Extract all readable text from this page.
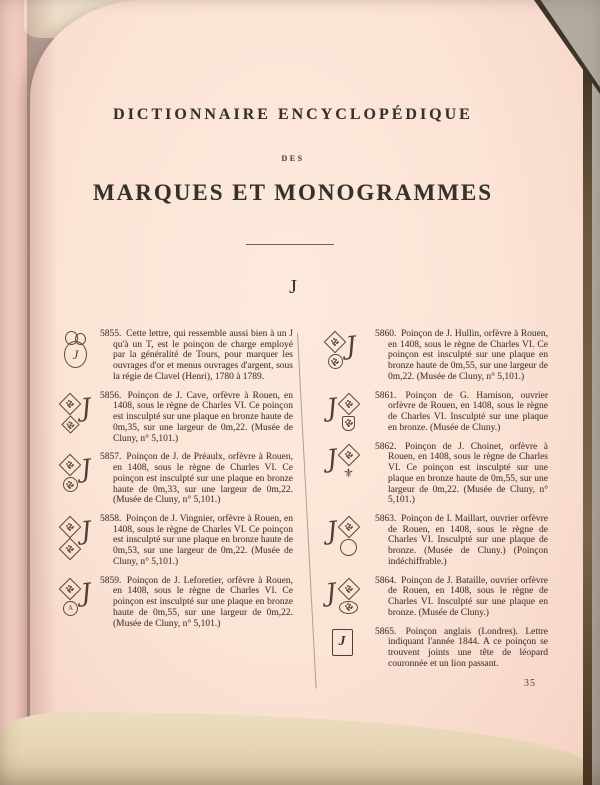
DICTIONNAIRE ENCYCLOPÉDIQUE
DES
MARQUES ET MONOGRAMMES
J
J

5855. Cette lettre, qui ressemble aussi bien à un J qu'à un T, est le poinçon de charge employé par la généralité de Tours, pour marquer les ouvrages d'or et menus ouvrages d'argent, sous la régie de Clavel (Henri), 1780 à 1789.

J 5856. Poinçon de J. Cave, orfèvre à Rouen, en 1408, sous le règne de Charles VI. Ce poinçon est insculpté sur une plaque en bronze haute de 0m,35, sur une largeur de 0m,22. (Musée de Cluny, n° 5,101.)

J 5857. Poinçon de J. de Préaulx, orfèvre à Rouen, en 1408, sous le règne de Charles VI. Ce poinçon est insculpté sur une plaque en bronze haute de 0m,33, sur une largeur de 0m,22. (Musée de Cluny, n° 5,101.)

J 5858. Poinçon de J. Vingnier, orfèvre à Rouen, en 1408, sous le règne de Charles VI. Ce poinçon est insculpté sur une plaque en bronze haute de 0m,53, sur une largeur de 0m,22. (Musée de Cluny, n° 5,101.)

A
J 5859. Poinçon de J. Leforetier, orfèvre à Rouen, en 1408, sous le règne de Charles VI. Ce poinçon est insculpté sur une plaque en bronze haute de 0m,55, sur une largeur de 0m,22. (Musée de Cluny, n° 5,101.)

J 5860. Poinçon de J. Hullin, orfèvre à Rouen, en 1408, sous le règne de Charles VI. Ce poinçon est insculpté sur une plaque en bronze haute de 0m,55, sur une largeur de 0m,22. (Musée de Cluny, n° 5,101.)

J	5861. Poinçon de G. Harnison, ouvrier orfèvre de Rouen, en 1408, sous le règne de Charles VI. Insculpté sur une plaque en bronze. (Musée de Cluny.)

J ⚜

5862. Poinçon de J. Choinet, orfèvre à Rouen, en 1408, sous le règne de Charles VI. Ce poinçon est insculpté sur une plaque en bronze haute de 0m,55, sur une largeur de 0m,22. (Musée de Cluny, n° 5,101.)

J	5863. Poinçon de I. Maillart, ouvrier orfèvre de Rouen, en 1408, sous le règne de Charles VI. Insculpté sur une plaque de bronze. (Musée de Cluny.) (Poinçon indéchiffrable.)

J	5864. Poinçon de J. Bataille, ouvrier orfèvre de Rouen, en 1408, sous le règne de Charles VI. Insculpté sur une plaque en bronze. (Musée de Cluny.)

J

5865. Poinçon anglais (Londres). Lettre indiquant l'année 1844. A ce poinçon se trouvent joints une tête de léopard couronnée et un lion passant.

35
